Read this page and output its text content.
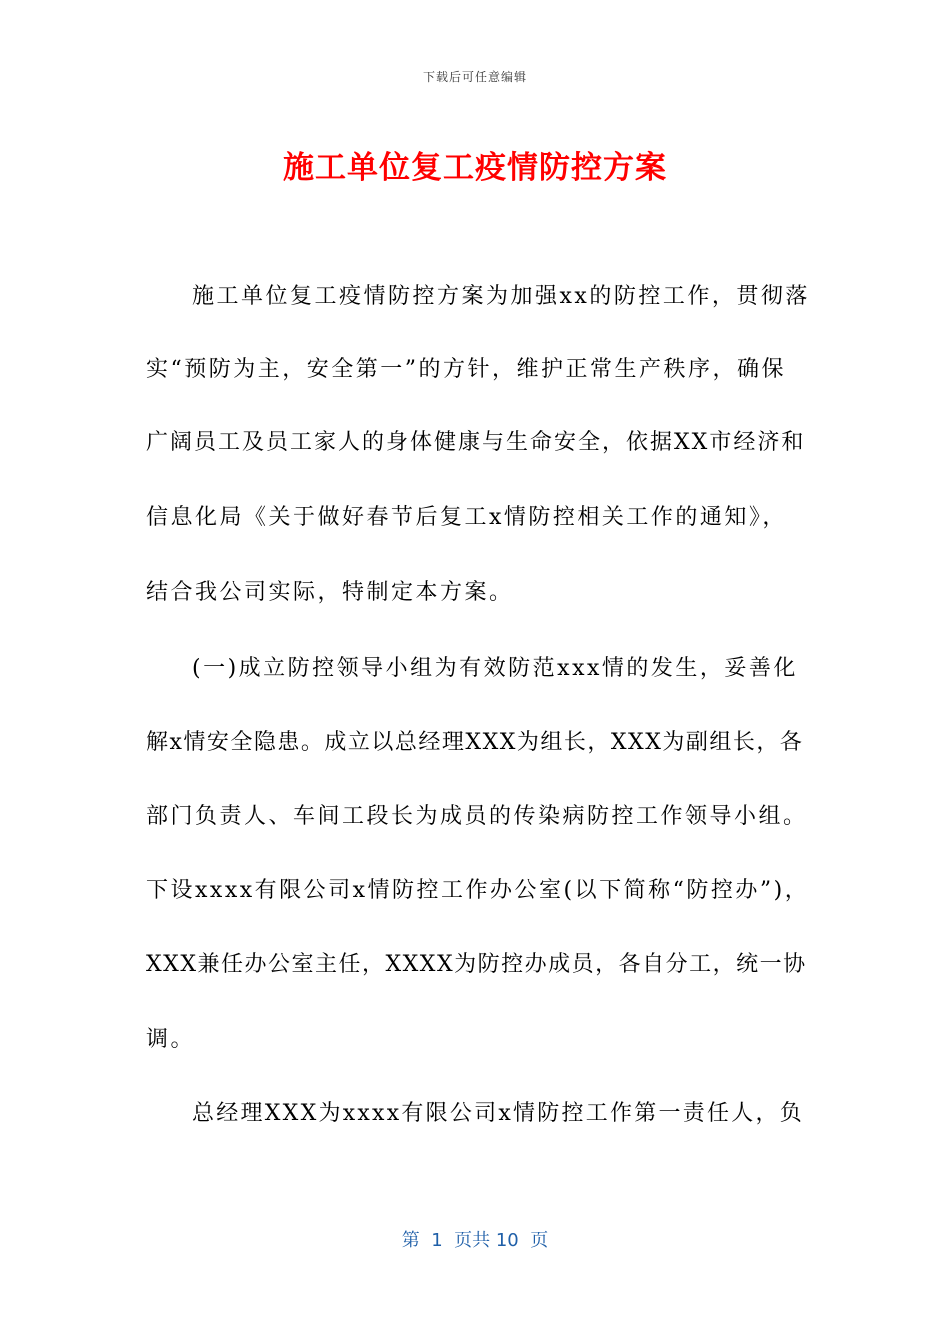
下载后可任意编辑
施工单位复工疫情防控方案
施工单位复工疫情防控方案为加强xx的防控工作，贯彻落
实“预防为主，安全第一”的方针，维护正常生产秩序，确保
广阔员工及员工家人的身体健康与生命安全，依据XX市经济和
信息化局《关于做好春节后复工x情防控相关工作的通知》，
结合我公司实际，特制定本方案。
(一)成立防控领导小组为有效防范xxx情的发生，妥善化
解x情安全隐患。成立以总经理XXX为组长，XXX为副组长，各
部门负责人、车间工段长为成员的传染病防控工作领导小组。
下设xxxx有限公司x情防控工作办公室(以下简称“防控办”)，
XXX兼任办公室主任，XXXX为防控办成员，各自分工，统一协
调。
总经理XXX为xxxx有限公司x情防控工作第一责任人，负
第  1  页共 10  页
